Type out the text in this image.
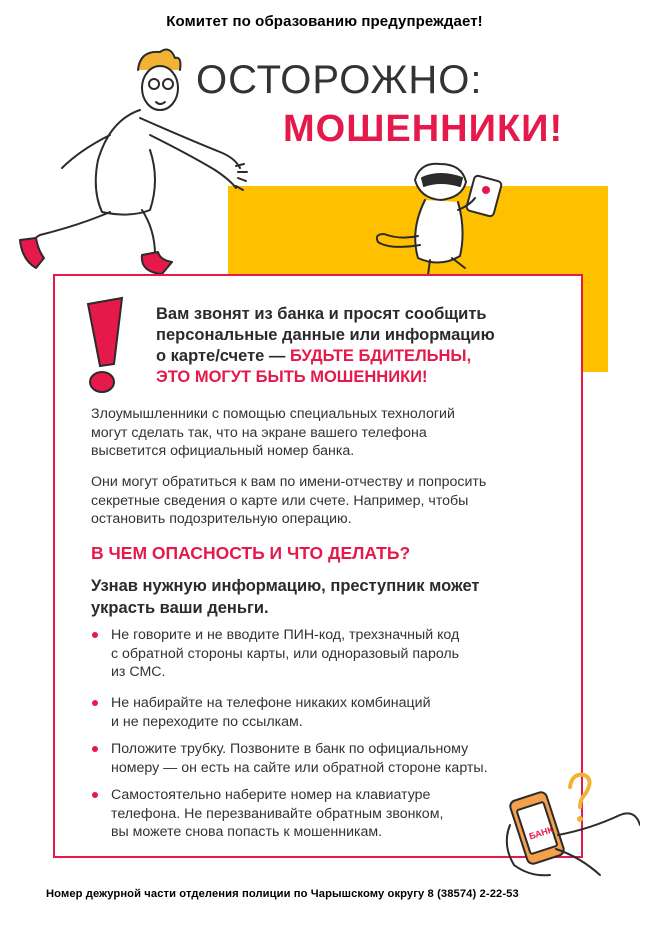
Комитет по образованию предупреждает!
ОСТОРОЖНО:
МОШЕННИКИ!
Вам звонят из банка и просят сообщить
персональные данные или информацию
о карте/счете — БУДЬТЕ БДИТЕЛЬНЫ,
ЭТО МОГУТ БЫТЬ МОШЕННИКИ!
Злоумышленники с помощью специальных технологий
могут сделать так, что на экране вашего телефона
высветится официальный номер банка.
Они могут обратиться к вам по имени-отчеству и попросить
секретные сведения о карте или счете. Например, чтобы
остановить подозрительную операцию.
В ЧЕМ ОПАСНОСТЬ И ЧТО ДЕЛАТЬ?
Узнав нужную информацию, преступник может
украсть ваши деньги.
Не говорите и не вводите ПИН-код, трехзначный код
с обратной стороны карты, или одноразовый пароль
из СМС.
Не набирайте на телефоне никаких комбинаций
и не переходите по ссылкам.
Положите трубку. Позвоните в банк по официальному
номеру — он есть на сайте или обратной стороне карты.
Самостоятельно наберите номер на клавиатуре
телефона. Не перезванивайте обратным звонком,
вы можете снова попасть к мошенникам.	БАНК
Номер дежурной части отделения полиции по Чарышскому округу 8 (38574) 2-22-53
